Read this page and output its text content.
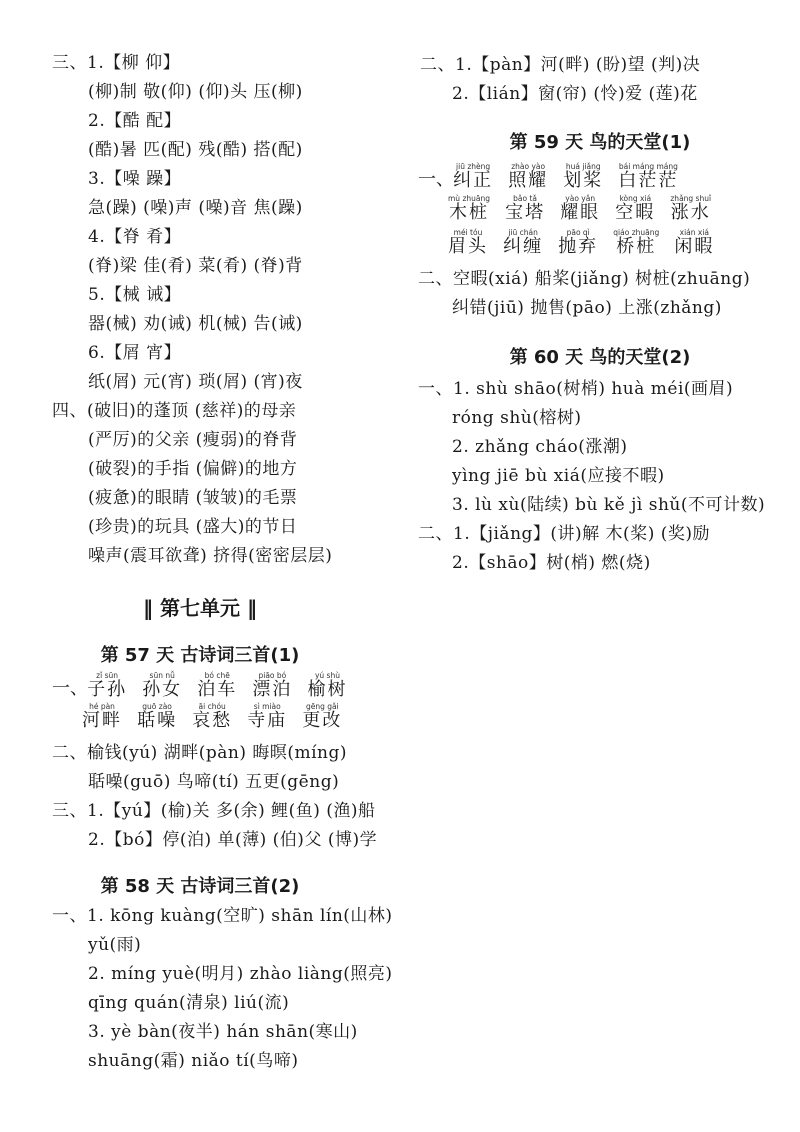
三、1.【柳 仰】
(柳)制 敬(仰) (仰)头 压(柳)
2.【酷 配】
(酷)暑 匹(配) 残(酷) 搭(配)
3.【噪 躁】
急(躁) (噪)声 (噪)音 焦(躁)
4.【脊 肴】
(脊)梁 佳(肴) 菜(肴) (脊)背
5.【械 诫】
器(械) 劝(诫) 机(械) 告(诫)
6.【屑 宵】
纸(屑) 元(宵) 琐(屑) (宵)夜
四、(破旧)的蓬顶 (慈祥)的母亲
(严厉)的父亲 (瘦弱)的脊背
(破裂)的手指 (偏僻)的地方
(疲惫)的眼睛 (皱皱)的毛票
(珍贵)的玩具 (盛大)的节日
噪声(震耳欲聋) 挤得(密密层层)
‖ 第七单元 ‖
第 57 天 古诗词三首(1)
一、
zǐ sūn
子孙

sūn nǚ
孙女

bó chē
泊车

piāo bó
漂泊

yú shù
榆树
hé pàn
河畔

guō zào
聒噪

āi chóu
哀愁

sì miào
寺庙

gēng gǎi
更改
二、榆钱(yú) 湖畔(pàn) 晦暝(míng)
聒噪(guō) 鸟啼(tí) 五更(gēng)
三、1.【yú】(榆)关 多(余) 鲤(鱼) (渔)船
2.【bó】停(泊) 单(薄) (伯)父 (博)学
第 58 天 古诗词三首(2)
一、1. kōng kuàng(空旷) shān lín(山林)
yǔ(雨)
2. míng yuè(明月) zhào liàng(照亮)
qīng quán(清泉) liú(流)
3. yè bàn(夜半) hán shān(寒山)
shuāng(霜) niǎo tí(鸟啼)
二、1.【pàn】河(畔) (盼)望 (判)决
2.【lián】窗(帘) (怜)爱 (莲)花
第 59 天 鸟的天堂(1)
一、
jiū zhèng
纠正

zhào yào
照耀

huá jiǎng
划桨

bái máng máng
白茫茫
mù zhuāng
木桩

bǎo tǎ
宝塔

yào yǎn
耀眼

kòng xiá
空暇

zhǎng shuǐ
涨水
méi tóu
眉头

jiū chán
纠缠

pāo qì
抛弃

qiáo zhuāng
桥桩

xián xiá
闲暇
二、空暇(xiá) 船桨(jiǎng) 树桩(zhuāng)
纠错(jiū) 抛售(pāo) 上涨(zhǎng)
第 60 天 鸟的天堂(2)
一、1. shù shāo(树梢) huà méi(画眉)
róng shù(榕树)
2. zhǎng cháo(涨潮)
yìng jiē bù xiá(应接不暇)
3. lù xù(陆续) bù kě jì shǔ(不可计数)
二、1.【jiǎng】(讲)解 木(桨) (奖)励
2.【shāo】树(梢) 燃(烧)
